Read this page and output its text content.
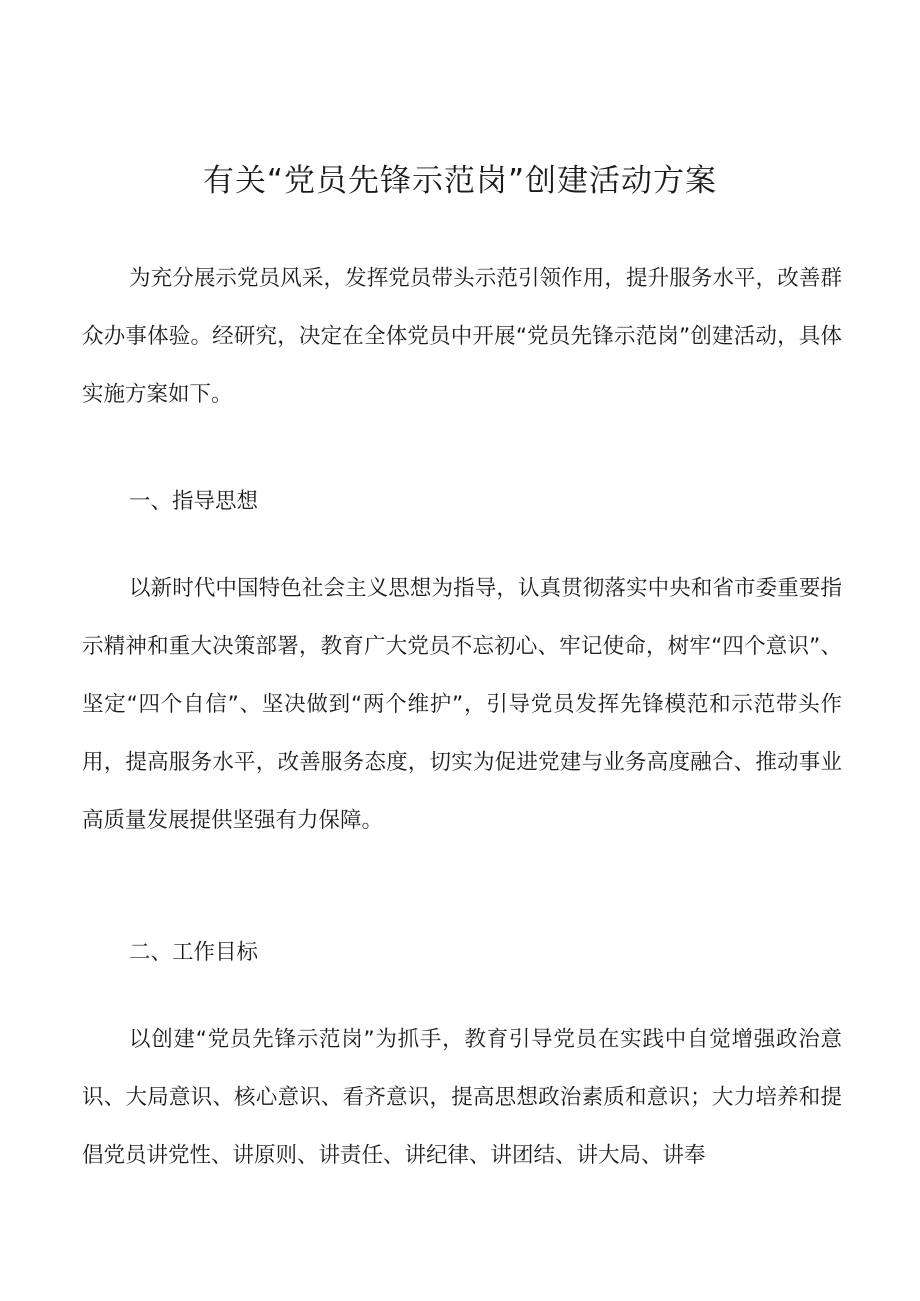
有关“党员先锋示范岗”创建活动方案

为充分展示党员风采，发挥党员带头示范引领作用，提升服务水平，改善群众办事体验。经研究，决定在全体党员中开展“党员先锋示范岗”创建活动，具体实施方案如下。

一、指导思想

以新时代中国特色社会主义思想为指导，认真贯彻落实中央和省市委重要指示精神和重大决策部署，教育广大党员不忘初心、牢记使命，树牢“四个意识”、坚定“四个自信”、坚决做到“两个维护”，引导党员发挥先锋模范和示范带头作用，提高服务水平，改善服务态度，切实为促进党建与业务高度融合、推动事业高质量发展提供坚强有力保障。

二、工作目标

以创建“党员先锋示范岗”为抓手，教育引导党员在实践中自觉增强政治意识、大局意识、核心意识、看齐意识，提高思想政治素质和意识；大力培养和提倡党员讲党性、讲原则、讲责任、讲纪律、讲团结、讲大局、讲奉
